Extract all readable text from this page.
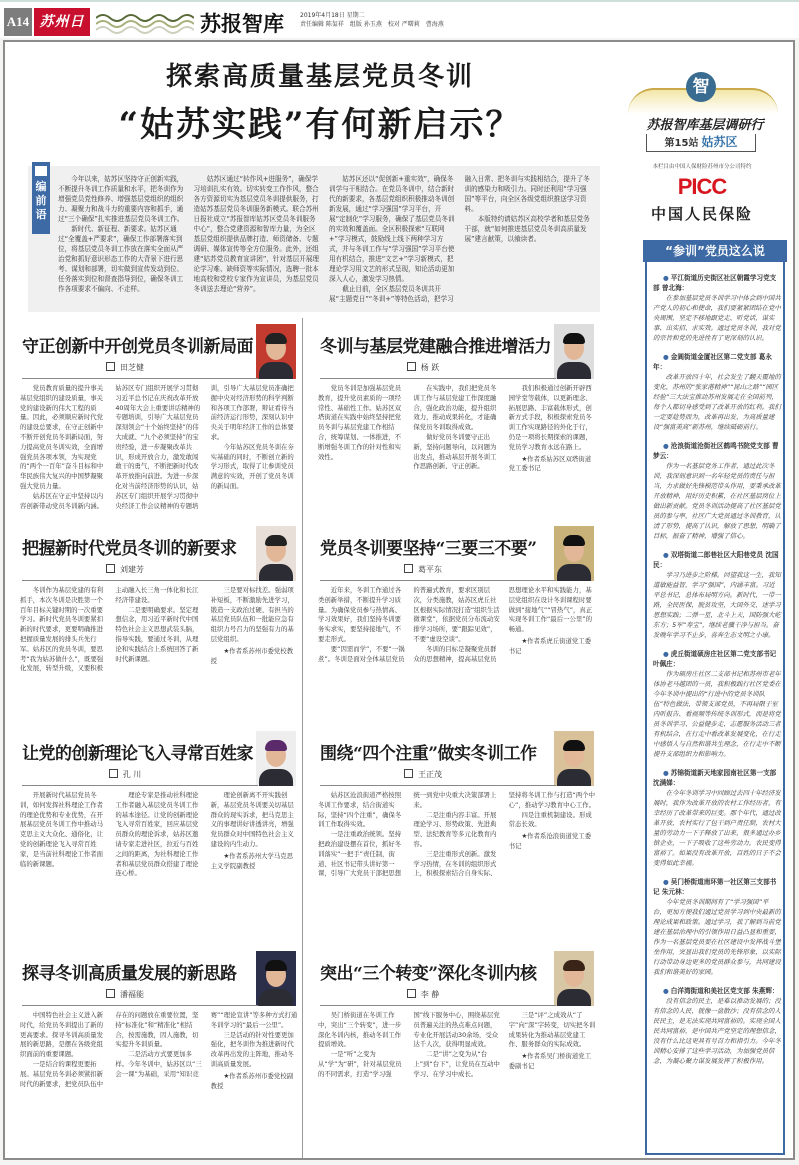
A14 苏州日	苏报智库	2019年4月18日 星期二
责任编辑 陈玺祥 组版 孙玉燕 校对 严曙莉 曹海燕
探索高质量基层党员冬训
“姑苏实践”有何新启示？

今年以来，姑苏区坚持守正创新实践，不断提升冬训工作质量和水平，把冬训作为增强党员党性修养、增强基层党组织的组织力、凝聚力和战斗力的重要内容和抓手，通过“三个确保”扎实推进基层党员冬训工作。

新时代、新征程、新要求。姑苏区通过“全覆盖+严要求”，确保工作部署落实到位，将基层党员冬训工作放在落实全面从严治党和抓好意识形态工作的大背景下进行思考、谋划和部署，切实做到宣传发动到位、任务落实到位和督查指导到位，确保冬训工作各项要求不偏向、不走样。

姑苏区通过“转作风+进服务”，确保学习培训扎实有效。切实转变工作作风，整合各方资源切实为基层党员冬训提供服务，打造姑苏基层党员冬训服务新模式。联合苏州日报社成立“苏报智库姑苏区党员冬训服务中心”，整合党建资源和智库力量，为全区基层党组织提供品牌打造、师资储备、专题调研、媒体宣传等全方位服务。此外，还组建“姑苏党员教育宣讲团”，针对基层开展理论学习难、缺师资等实际情况，选聘一批本地高校和党校专家作为宣讲员，为基层党员冬训送去理论“营养”。

姑苏区还以“促创新+重实效”，确保冬训学与干相结合。在党员冬训中，结合新时代的新要求，各基层党组织积极推动冬训创新发展，通过“学习强国”学习平台，开展“定制化”学习服务，确保了基层党员冬训的实效和覆盖面。全区积极探索“互联网+”学习模式，鼓励线上线下两种学习方式，并与冬训工作与“学习强国”学习平台使用有机结合，推进“文艺+”学习新模式，把理论学习用文艺的形式呈现，知论活动更加深入人心，激发学习热情。

截止目前，全区基层党员冬训共开展“主题党日”“冬训+”等特色活动，把学习融入日常、把冬训与实践相结合，提升了冬训的感染力和吸引力。同时还利用“学习强国”等平台，向全区各级党组织推送学习资料。

本版特约请姑苏区高校学者和基层党务干部，就“如何推进基层党员冬训高质量发展”建言献策，以飨读者。

编前语
守正创新中开创党员冬训新局面
田芝健

党员教育质量的提升事关基层党组织的建设质量，事关党的建设新的伟大工程的质量。因此，必须顺应新时代党的建设总要求，在守正创新中不断开创党员冬训新局面，努力提高党员冬训实效，全面增强党员各项本领，为实现党的“两个一百年”奋斗目标和中华民族伟大复兴的中国梦凝聚强大党员力量。

姑苏区在守正中坚持以内容创新带动党员冬训新内涵。姑苏区专门组织开展学习贯彻习近平总书记在庆祝改革开放40周年大会上重要讲话精神的专题培训，引导广大基层党员深刻领会“十个始终坚持”的伟大成就、“九个必须坚持”的宝贵经验，进一步凝聚改革共识，形成开放合力，激发敢闯敢干的勇气，不断把新时代改革开放推向前进。为进一步深化对当前经济形势的认识，姑苏区专门组织开展学习贯彻中央经济工作会议精神的专题培训，引导广大基层党员准确把握中央对经济形势的科学判断和各项工作部署，辩证看待当前经济运行形势，深刻认识中央关于明年经济工作的总体要求。

今年姑苏区党员冬训在夯实基础的同时，不断创立新的学习形式，取得了让参训党员满意的实效，开创了党员冬训的新局面。

冬训与基层党建融合推进增活力
杨 跃

党员冬训是加强基层党员教育，提升党员素质的一项经常性、基础性工作。姑苏区双塔街道在实践中始终坚持把党员冬训与基层党建工作相结合，统筹谋划、一体推进，不断增强冬训工作的针对性和实效性。

在实践中，我们把党员冬训工作与基层党建工作深度融合，强化政治功能，提升组织效力，推动成果转化，才能确保党员冬训取得成效。

做好党员冬训要守正出新，坚持问题导向，以问题为出发点，推动基层开展冬训工作思路创新、守正创新。

我们积极通过创新开辟西园学堂等载体，以更新理念、拓展思路、丰富载体形式，创新方式手段，积极探索党员冬训工作实现路径的外化于行，仍是一项将长期探索的课题，党员学习教育永远在路上。

★作者系姑苏区双塔街道党工委书记

把握新时代党员冬训的新要求
刘建芳

冬训作为基层党建的有利抓手，本次冬训是决胜第一个百年目标关键时期的一次重要学习。新时代党员冬训要紧扣新的时代要求，更要明确推进把握质量发展的排头兵先行军。姑苏区的党员冬训，要思考“我为姑苏做什么”，既要强化发展，转型升级，又要积极主动融入长三角一体化和长江经济带建设。

二是要明确要求。坚定理想信念，用习近平新时代中国特色社会主义思想武装头脑，指导实践，要通过冬训，从理论和实践结合上系统回答了新时代新课题。

三是要对标找差。强弱项补短板，不断激励先进学习，锻造一支政治过硬、有担当的基层党员队伍和一批能应急有组织力号召力的坚强有力的基层党组织。

★作者系苏州市委党校教授

党员冬训要坚持“三要三不要”
葛平东

近年来，冬训工作通过各类创新举措，不断提升学习质量。为确保党员参与热情高、学习效果好，我们坚持冬训要务实求实，要坚持接地气，不要走形式。

要“因需而学”，不要“一锅煮”。冬训是面对全体基层党员的普遍式教育，要求区别层次，分类施教，姑苏区虎丘社区根据实际情况打造“组织生活微课堂”，依据党员分布流动安排学习场所，要“跟踪见效”，不要“虚设空谈”。

冬训的目标是凝聚党员群众的思想精神，提高基层党员思想理论水平和实践能力，基层党组织在设计冬训课程时要做到“接地气”“冒热气”，真正实现冬训工作“最后一公里”的畅通。

★作者系虎丘街道党工委书记

让党的创新理论飞入寻常百姓家
孔 川

开展新时代基层党员冬训，如何发挥社科理论工作者的理论优势和专业优势，在开展基层党员冬训工作中推动马克思主义大众化、通俗化，让党的创新理论飞入寻常百姓家，是当前社科理论工作者面临的新课题。

理论专家是推动社科理论工作者融入基层党员冬训工作的基本途径。让党的创新理论飞入寻常百姓家，回应基层党员群众的理论诉求，姑苏区邀请专家走进社区，拉近与百姓之间的距离，为社科理论工作者和基层党员群众搭建了理论连心桥。

理论创新离不开实践创新，基层党员冬训要关切基层群众的现实诉求，把马克思主义的事理讲好讲透讲亮，增强党员群众对中国特色社会主义建设的内生动力。

★作者系苏州大学马克思主义学院副教授

围绕“四个注重”做实冬训工作
王正茂

姑苏区沧浪街道严格按照冬训工作要求，结合街道实际，坚持“四个注重”，确保冬训工作取得实效。

一是注重政治统领。坚持把政治建设摆在首位，抓好冬训落实“一把手”责任制，街道、社区书记带头讲好第一课，引导广大党员干部把思想统一到党中央重大决策部署上来。

二是注重内容丰富。开展理论学习、形势政策、先进典型、法纪教育等多元化教育内容。

三是注重形式创新。激发学习热情，在冬训的组织形式上，积极探索结合自身实际、坚持将冬训工作与打造“两个中心”，推动学习教育中心工作。

四是注重机制建设。形成常态长效。

★作者系沧浪街道党工委书记

探寻冬训高质量发展的新思路
潘福能

中国特色社会主义进入新时代，给党员冬训提出了新的更高要求。探寻冬训高质量发展的新思路，是摆在各级党组织面前的重要课题。

一是结合的课程更要拓展。基层党员冬训必须紧扣新时代的新要求，把党员队伍中存在的问题放在重要位置，坚持“标准化”和“精准化”相结合，按需施教，因人施教，切实提升冬训质量。

二是活动方式要更加多样。今年冬训中，姑苏区以“三会一课”为基础，采用“知识竞赛”“理论宣讲”等多种方式打通冬训学习的“最后一公里”。

三是活动的针对性要更加强化，把冬训作为推进新时代改革再出发的主阵地，推动冬训高质量发展。

★作者系苏州市委党校副教授

突出“三个转变”深化冬训内核
李 静

吴门桥街道在冬训工作中，突出“三个转变”，进一步深化冬训内核，推动冬训工作提质增效。

一是“听”之变为从“学”为“研”，针对基层党员的不同需求，打造“学习强国”线下服务中心，围绕基层党员普遍关注的热点难点问题，专业化开展活动30余场，受众达千人次，获得明显成效。

二是“讲”之变为从“台上”到“台下”，让党员在互动中学习、在学习中成长。

三是“评”之成效从“了字”向“深”字转变，切实把冬训成果转化为推动基层党建工作、服务群众的实际成效。

★作者系吴门桥街道党工委副书记

智
苏报智库基层调研行
第15站 姑苏区
本栏目由中国人保财险苏州市分公司特约
PICC
中国人民保险
● 平江街道历史街区社区朝霞学习党支部 曾北海：
在参加基层党员冬训学习中体会到中国共产党人的初心和使命，我们要紧紧团结在党中央周围，坚定不移地跟党走、听党话，谋实事、出实招、求实效。通过党员冬训，我对党的宗旨和党的先进性有了更深刻的认识。
● 金阊街道金厦社区第二党支部 葛永年：
改革开放四十年，社会发生了翻天覆地的变化，苏州的“张家港精神”“昆山之路”“园区经验”三大法宝推动苏州发展走在全国前列，每个人都切身感受到了改革开放的红利。我们一定要趁势而为，改革再出发，为高质量建设“强富美高”新苏州，继续砥砺前行。
● 沧浪街道沧街社区鹤鸣书院党支部 曹梦云：
作为一名基层党务工作者，通过此次冬训，我深刻意识到一名年轻党员的责任与担当，力求做好先锋模范带头作用，要秉承改革开放精神，用好历史积累，在社区基层岗位上做出新贡献。党员冬训活动提高了社区基层党员的参与率，社区广大党员通过冬训教育，认清了形势，提高了认识，解放了思想，明确了目标，振奋了精神，增强了信心。
● 双塔街道二郎巷社区大阳巷党员 沈国民：
学习乃进步之阶梯。回望我这一生，我知道敏能益智，学习“强国”，内涵丰富。习近平总书记，总体布局明方向。新时代，一带一路，全民医保，脱贫攻坚，大国外交，述学习思想实践；二弹一星，北斗上天，国防强大屹东方；5军“寿宝”，继续老骥干净与担当。奋发晚年学习不止步，喜奔生态文明之小康。
● 虎丘街道硕房庄社区第二党支部书记 叶佩庄：
作为硕房庄社区二支部书记和苏州市老年体协老马越团的一员，我积极践行社区党委在今年冬训中提出的“行进中的党员冬训队伍”特色做法，带领支部党员，不再局限于室内听报告、看视频等传统冬训形式，而是将党员冬训学习、公益健步走、志愿服务活动三者有机结合，在行走中看改革发展变化，在行走中感悟人与自然和谐共生理念，在行走中不断提升支部组织力和影响力。
● 苏锦街道新天地家园南社区第一支部 沈满娣：
在今年冬训学习中回顾过去四十年经济发展时，我作为改革开放的农村工作经历者，有幸经历了改革带来的巨变。那个年代，通过改革开放，农村实行了包干到户责任制，农村大量的劳动力一下子释放了出来，很多通过办乡镇企业，一下子吸收了这些劳动力，农民变得富裕了。如果没有改革开放，百姓的日子不会变得如此幸福。
● 吴门桥街道南环第一社区第三支部书记 朱元林：
今年党员冬训期间有了“学习强国”平台，更加方便我们通过党员学习到中央最新的理论成果和政策。通过学习，我了解到当前党建在基层治理中的引领作用日益凸显和重要，作为一名基层党员要在社区建设中发挥战斗堡垒作用，突显出我们党员的先锋形象，以实际行动带动身边更多的党员群众参与，共同建设我们和谐美好的家园。
● 白洋湾街道和美社区党支部 朱燕辉：
没有信念的民主，是难以推动发展的；没有信念的人民，就像一盘散沙；没有信念的人民民主，是无法实现共同富裕的。实现全国人民共同富裕，是中国共产党坚定的理想信念，没有什么比这更具有号召力和指引力。今年冬训精心安排了这些学习活动，为加强党员信念，为凝心聚力谋发展发挥了积极作用。
“参训”党员这么说
